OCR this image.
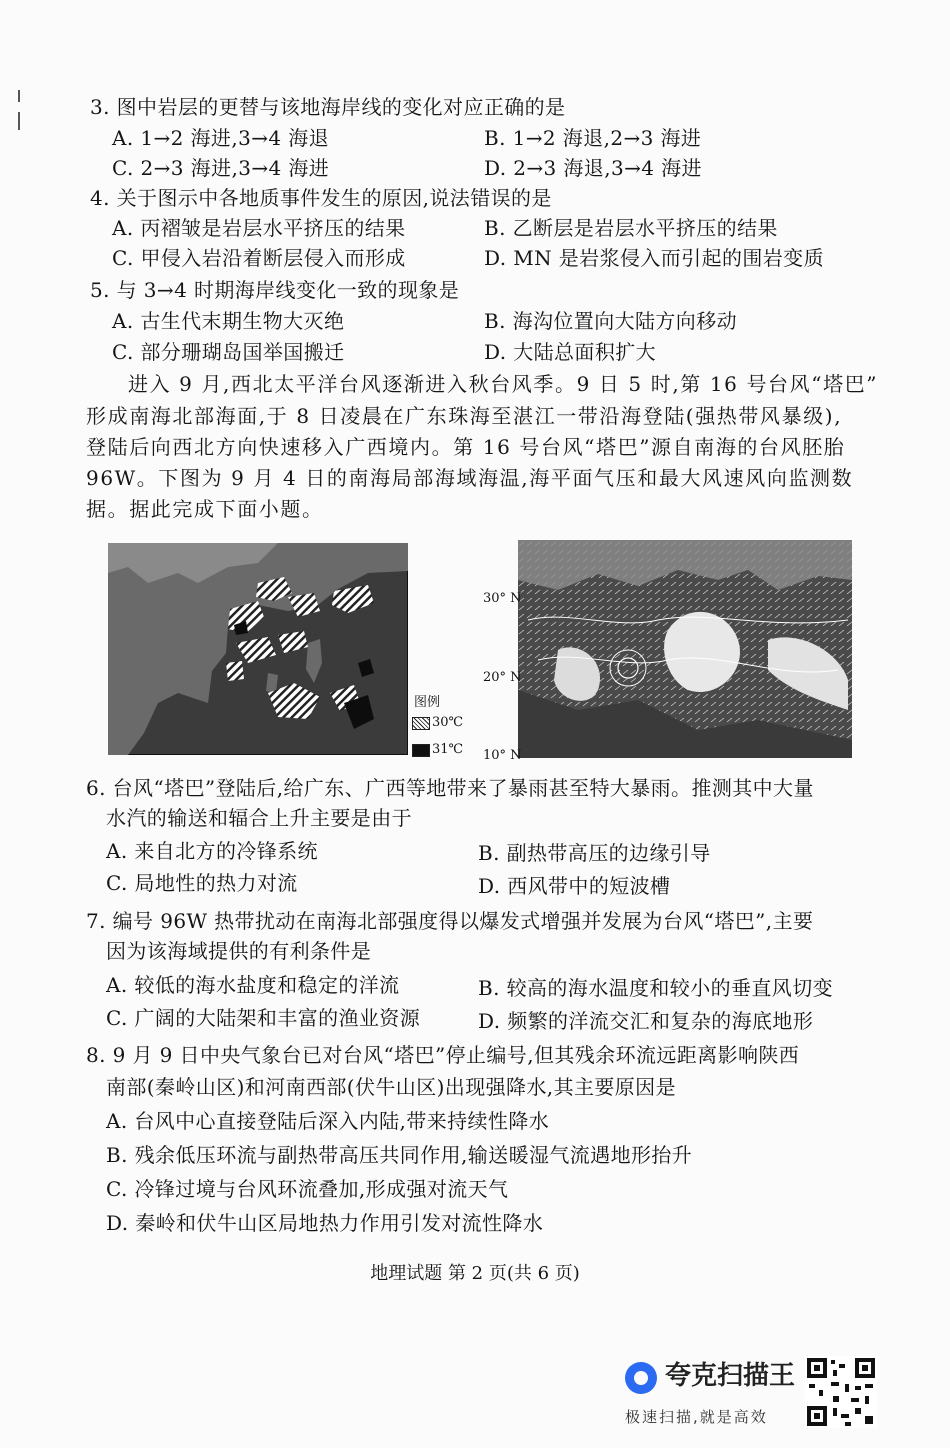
3. 图中岩层的更替与该地海岸线的变化对应正确的是
A. 1→2 海进,3→4 海退	B. 1→2 海退,2→3 海进
C. 2→3 海进,3→4 海进	D. 2→3 海退,3→4 海进
4. 关于图示中各地质事件发生的原因,说法错误的是
A. 丙褶皱是岩层水平挤压的结果	B. 乙断层是岩层水平挤压的结果
C. 甲侵入岩沿着断层侵入而形成	D. MN 是岩浆侵入而引起的围岩变质
5. 与 3→4 时期海岸线变化一致的现象是
A. 古生代末期生物大灭绝	B. 海沟位置向大陆方向移动
C. 部分珊瑚岛国举国搬迁	D. 大陆总面积扩大
进入 9 月,西北太平洋台风逐渐进入秋台风季。9 日 5 时,第 16 号台风“塔巴”
形成南海北部海面,于 8 日凌晨在广东珠海至湛江一带沿海登陆(强热带风暴级),
登陆后向西北方向快速移入广西境内。第 16 号台风“塔巴”源自南海的台风胚胎
96W。下图为 9 月 4 日的南海局部海域海温,海平面气压和最大风速风向监测数
据。据此完成下面小题。
图例
30℃
31℃
30° N
20° N
10° N
6. 台风“塔巴”登陆后,给广东、广西等地带来了暴雨甚至特大暴雨。推测其中大量
水汽的输送和辐合上升主要是由于
A. 来自北方的冷锋系统	B. 副热带高压的边缘引导
C. 局地性的热力对流	D. 西风带中的短波槽
7. 编号 96W 热带扰动在南海北部强度得以爆发式增强并发展为台风“塔巴”,主要
因为该海域提供的有利条件是
A. 较低的海水盐度和稳定的洋流	B. 较高的海水温度和较小的垂直风切变
C. 广阔的大陆架和丰富的渔业资源	D. 频繁的洋流交汇和复杂的海底地形
8. 9 月 9 日中央气象台已对台风“塔巴”停止编号,但其残余环流远距离影响陕西
南部(秦岭山区)和河南西部(伏牛山区)出现强降水,其主要原因是
A. 台风中心直接登陆后深入内陆,带来持续性降水
B. 残余低压环流与副热带高压共同作用,输送暖湿气流遇地形抬升
C. 冷锋过境与台风环流叠加,形成强对流天气
D. 秦岭和伏牛山区局地热力作用引发对流性降水
地理试题 第 2 页(共 6 页)
夸克扫描王
极速扫描,就是高效
